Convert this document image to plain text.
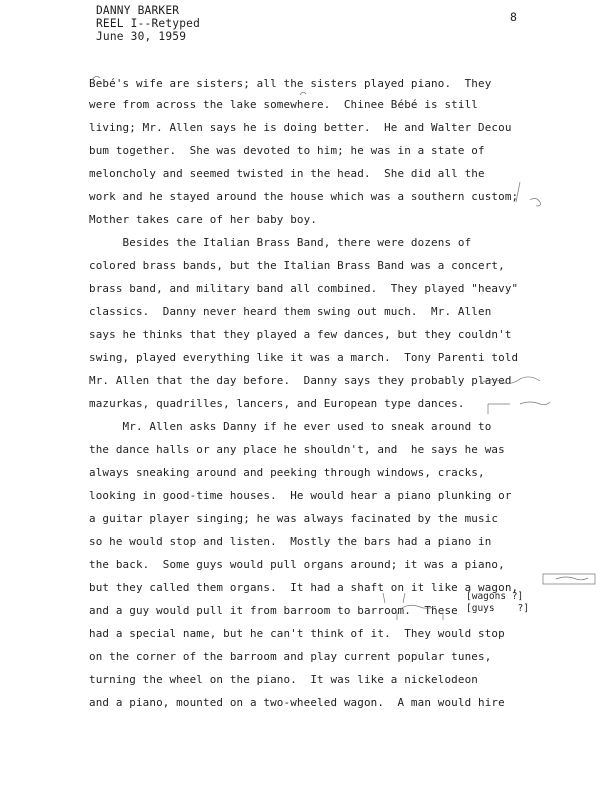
DANNY BARKER
REEL I--Retyped
June 30, 1959
8
Bebé's wife are sisters; all the sisters played piano.  They
were from across the lake somewhere.  Chinee Bébé is still
living; Mr. Allen says he is doing better.  He and Walter Decou
bum together.  She was devoted to him; he was in a state of
meloncholy and seemed twisted in the head.  She did all the
work and he stayed around the house which was a southern custom;
Mother takes care of her baby boy.
Besides the Italian Brass Band, there were dozens of
colored brass bands, but the Italian Brass Band was a concert,
brass band, and military band all combined.  They played "heavy"
classics.  Danny never heard them swing out much.  Mr. Allen
says he thinks that they played a few dances, but they couldn't
swing, played everything like it was a march.  Tony Parenti told
Mr. Allen that the day before.  Danny says they probably played
mazurkas, quadrilles, lancers, and European type dances.
Mr. Allen asks Danny if he ever used to sneak around to
the dance halls or any place he shouldn't, and  he says he was
always sneaking around and peeking through windows, cracks,
looking in good-time houses.  He would hear a piano plunking or
a guitar player singing; he was always facinated by the music
so he would stop and listen.  Mostly the bars had a piano in
the back.  Some guys would pull organs around; it was a piano,
but they called them organs.  It had a shaft on it like a wagon,
and a guy would pull it from barroom to barroom.  These
had a special name, but he can't think of it.  They would stop
on the corner of the barroom and play current popular tunes,
turning the wheel on the piano.  It was like a nickelodeon
and a piano, mounted on a two-wheeled wagon.  A man would hire
[wagons ?]
[guys    ?]
